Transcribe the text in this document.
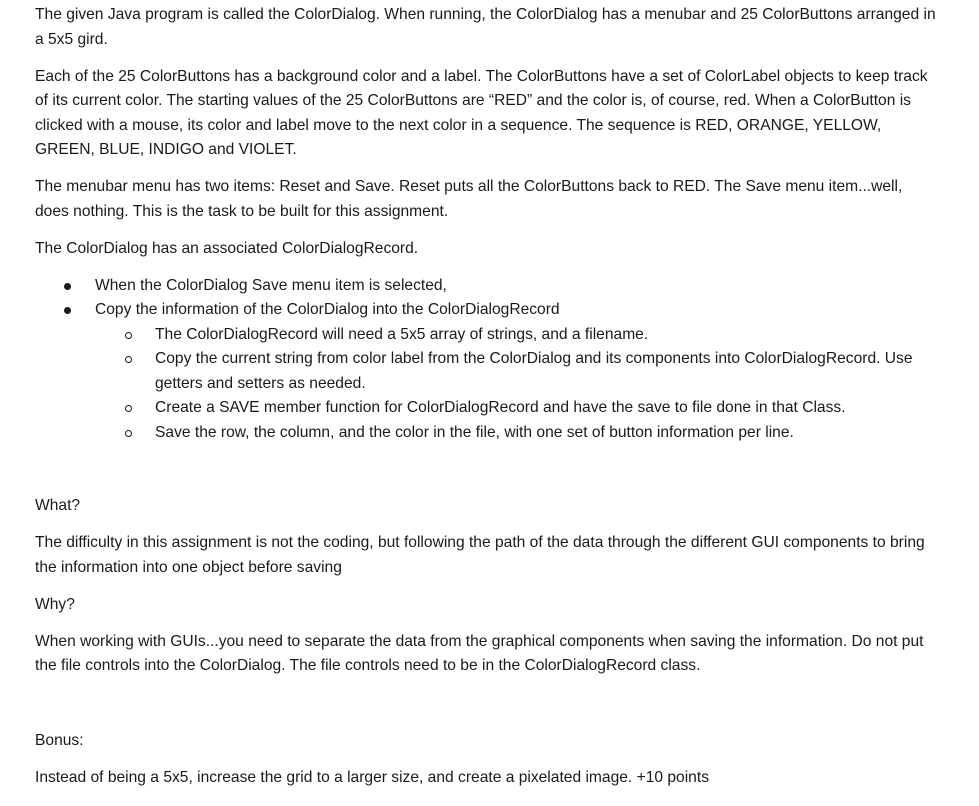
The given Java program is called the ColorDialog. When running, the ColorDialog has a menubar and 25 ColorButtons arranged in a 5x5 gird.

Each of the 25 ColorButtons has a background color and a label. The ColorButtons have a set of ColorLabel objects to keep track of its current color. The starting values of the 25 ColorButtons are “RED” and the color is, of course, red. When a ColorButton is clicked with a mouse, its color and label move to the next color in a sequence. The sequence is RED, ORANGE, YELLOW, GREEN, BLUE, INDIGO and VIOLET.

The menubar menu has two items: Reset and Save. Reset puts all the ColorButtons back to RED. The Save menu item...well, does nothing. This is the task to be built for this assignment.

The ColorDialog has an associated ColorDialogRecord.

When the ColorDialog Save menu item is selected,
Copy the information of the ColorDialog into the ColorDialogRecord
The ColorDialogRecord will need a 5x5 array of strings, and a filename.
Copy the current string from color label from the ColorDialog and its components into ColorDialogRecord. Use getters and setters as needed.
Create a SAVE member function for ColorDialogRecord and have the save to file done in that Class.
Save the row, the column, and the color in the file, with one set of button information per line.

What?

The difficulty in this assignment is not the coding, but following the path of the data through the different GUI components to bring the information into one object before saving

Why?

When working with GUIs...you need to separate the data from the graphical components when saving the information. Do not put the file controls into the ColorDialog. The file controls need to be in the ColorDialogRecord class.

Bonus:

Instead of being a 5x5, increase the grid to a larger size, and create a pixelated image. +10 points
